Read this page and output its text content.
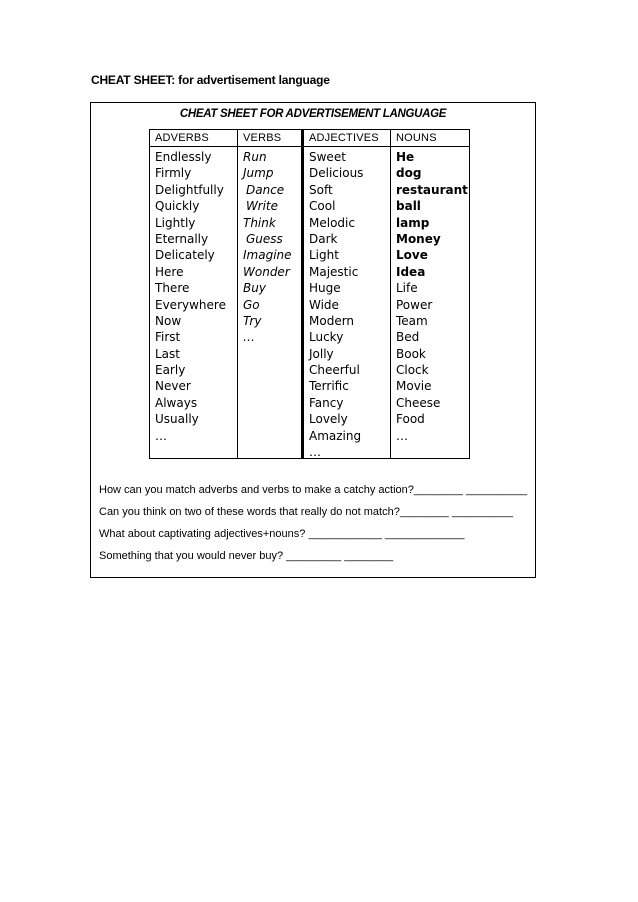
CHEAT SHEET: for advertisement language
CHEAT SHEET FOR ADVERTISEMENT LANGUAGE
ADVERBS
Endlessly
Firmly
Delightfully
Quickly
Lightly
Eternally
Delicately
Here
There
Everywhere
Now
First
Last
Early
Never
Always
Usually
…
VERBS
Run
Jump
Dance
Write
Think
Guess
Imagine
Wonder
Buy
Go
Try
…
ADJECTIVES
Sweet
Delicious
Soft
Cool
Melodic
Dark
Light
Majestic
Huge
Wide
Modern
Lucky
Jolly
Cheerful
Terrific
Fancy
Lovely
Amazing
…
NOUNS
He
dog
restaurant
ball
lamp
Money
Love
Idea
Life
Power
Team
Bed
Book
Clock
Movie
Cheese
Food
…
How can you match adverbs and verbs to make a catchy action?________ __________
Can you think on two of these words that really do not match?________ __________
What about captivating adjectives+nouns? ____________ _____________
Something that you would never buy? _________ ________
